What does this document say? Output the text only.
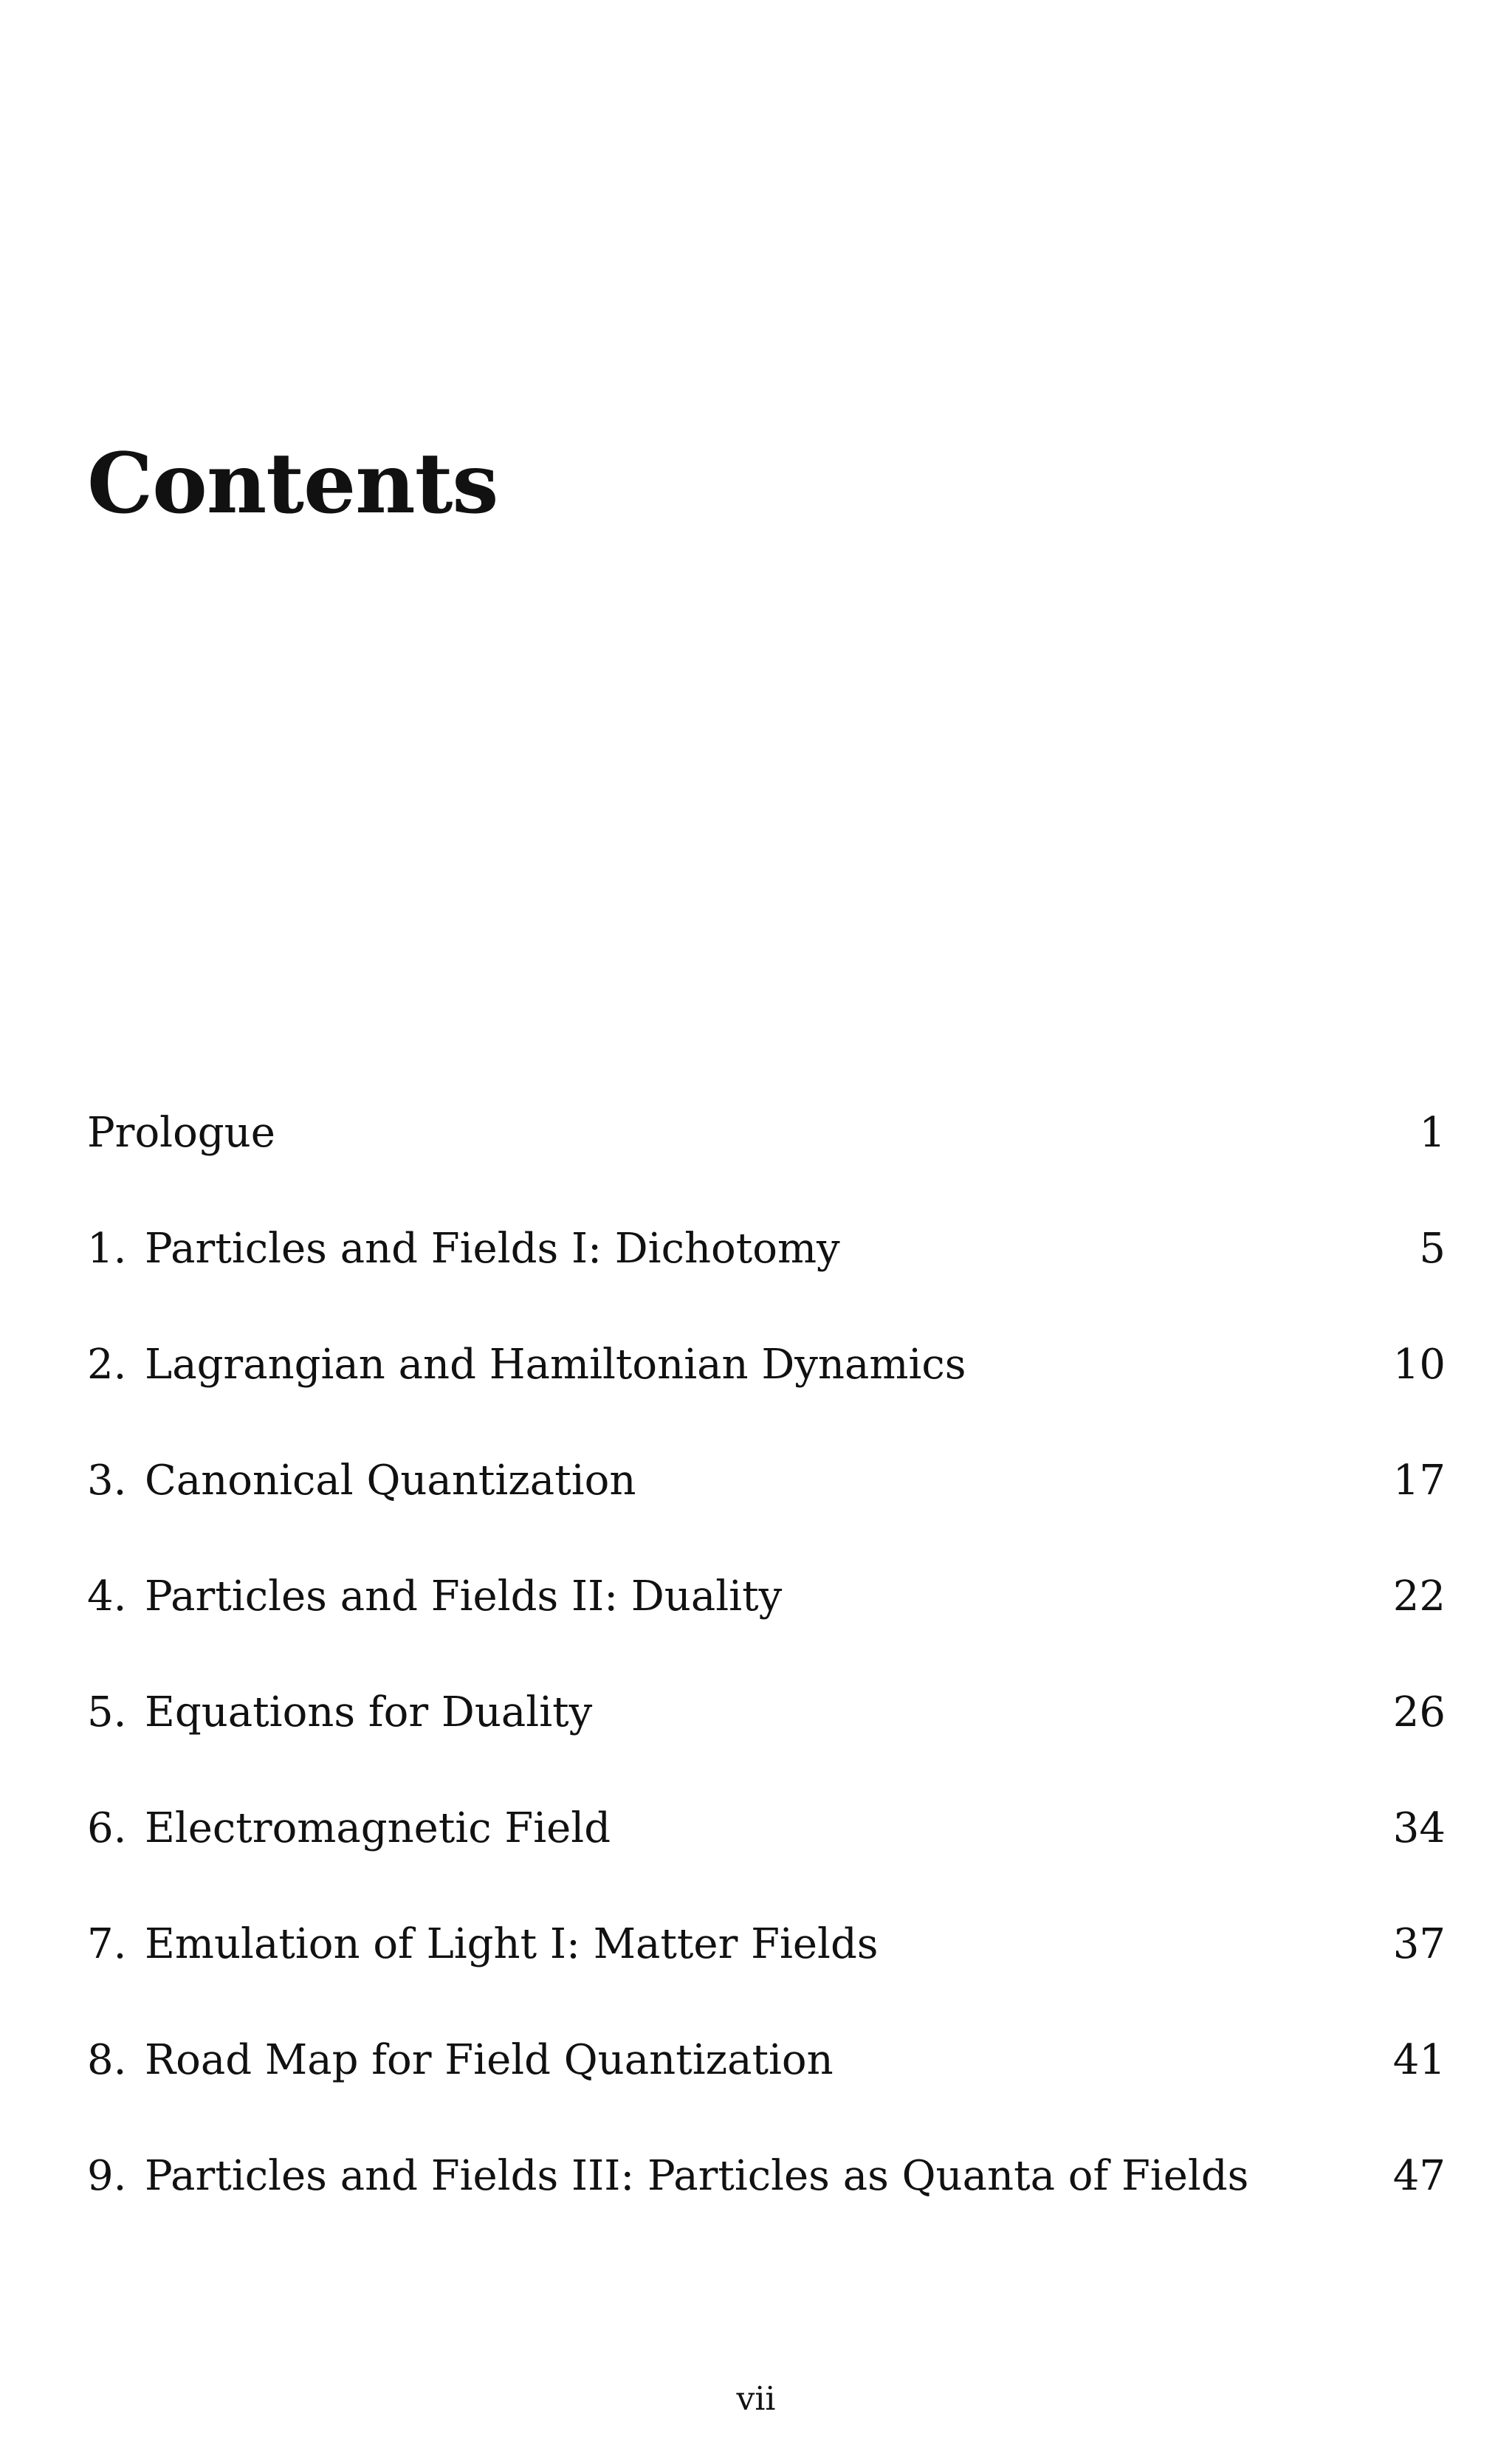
Contents
Prologue	1
1. Particles and Fields I: Dichotomy	5
2. Lagrangian and Hamiltonian Dynamics	10
3. Canonical Quantization	17
4. Particles and Fields II: Duality	22
5. Equations for Duality	26
6. Electromagnetic Field	34
7. Emulation of Light I: Matter Fields	37
8. Road Map for Field Quantization	41
9. Particles and Fields III: Particles as Quanta of Fields	47
vii
